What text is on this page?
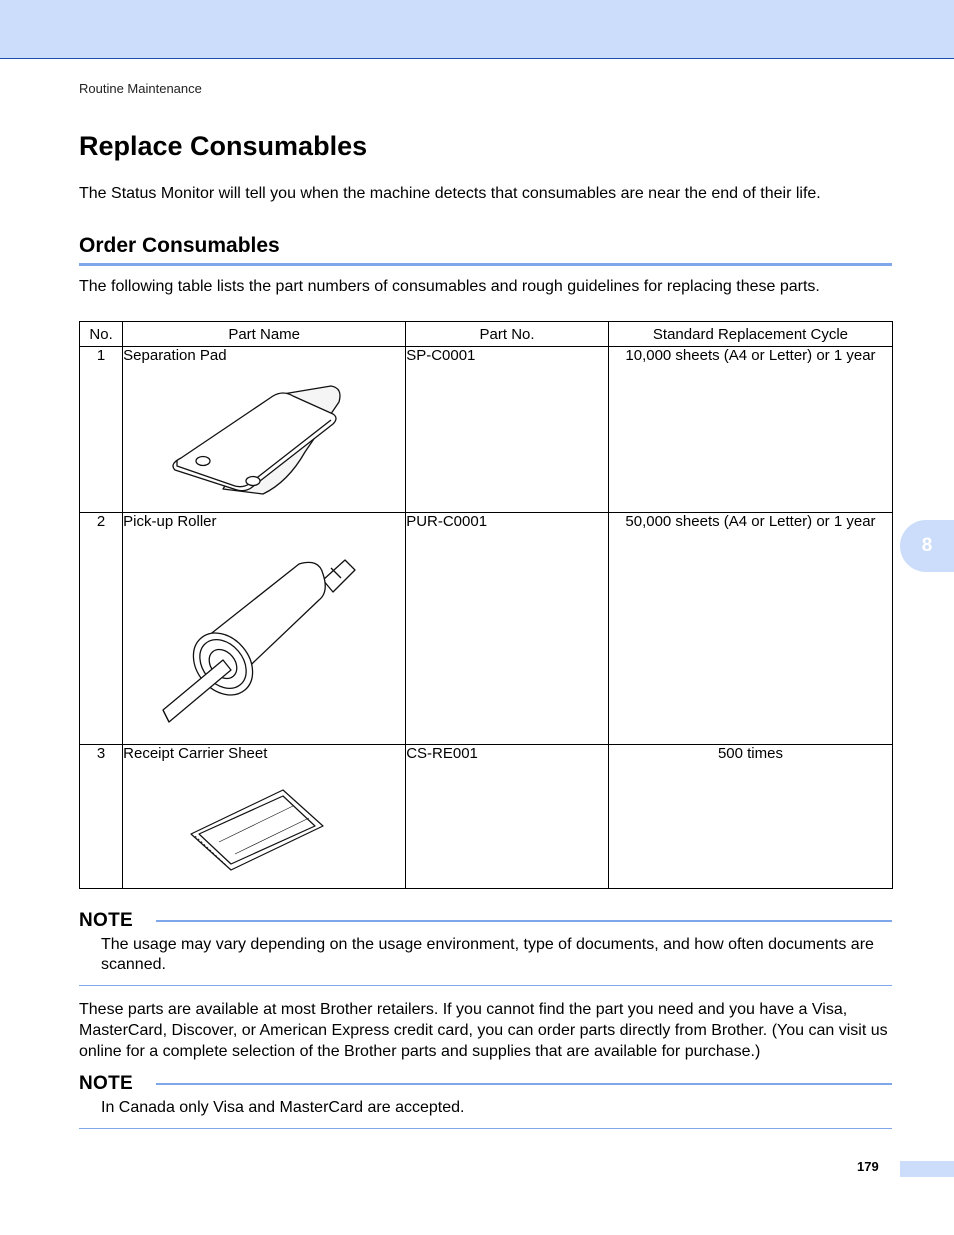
Routine Maintenance
Replace Consumables

The Status Monitor will tell you when the machine detects that consumables are near the end of their life.

Order Consumables

The following table lists the part numbers of consumables and rough guidelines for replacing these parts.

No.	Part Name	Part No.	Standard Replacement Cycle
1	Separation Pad	SP-C0001	10,000 sheets (A4 or Letter) or 1 year
2	Pick-up Roller	PUR-C0001	50,000 sheets (A4 or Letter) or 1 year
3	Receipt Carrier Sheet	CS-RE001	500 times
NOTE

The usage may vary depending on the usage environment, type of documents, and how often documents are scanned.

These parts are available at most Brother retailers. If you cannot find the part you need and you have a Visa, MasterCard, Discover, or American Express credit card, you can order parts directly from Brother. (You can visit us online for a complete selection of the Brother parts and supplies that are available for purchase.)

NOTE

In Canada only Visa and MasterCard are accepted.

8
179
